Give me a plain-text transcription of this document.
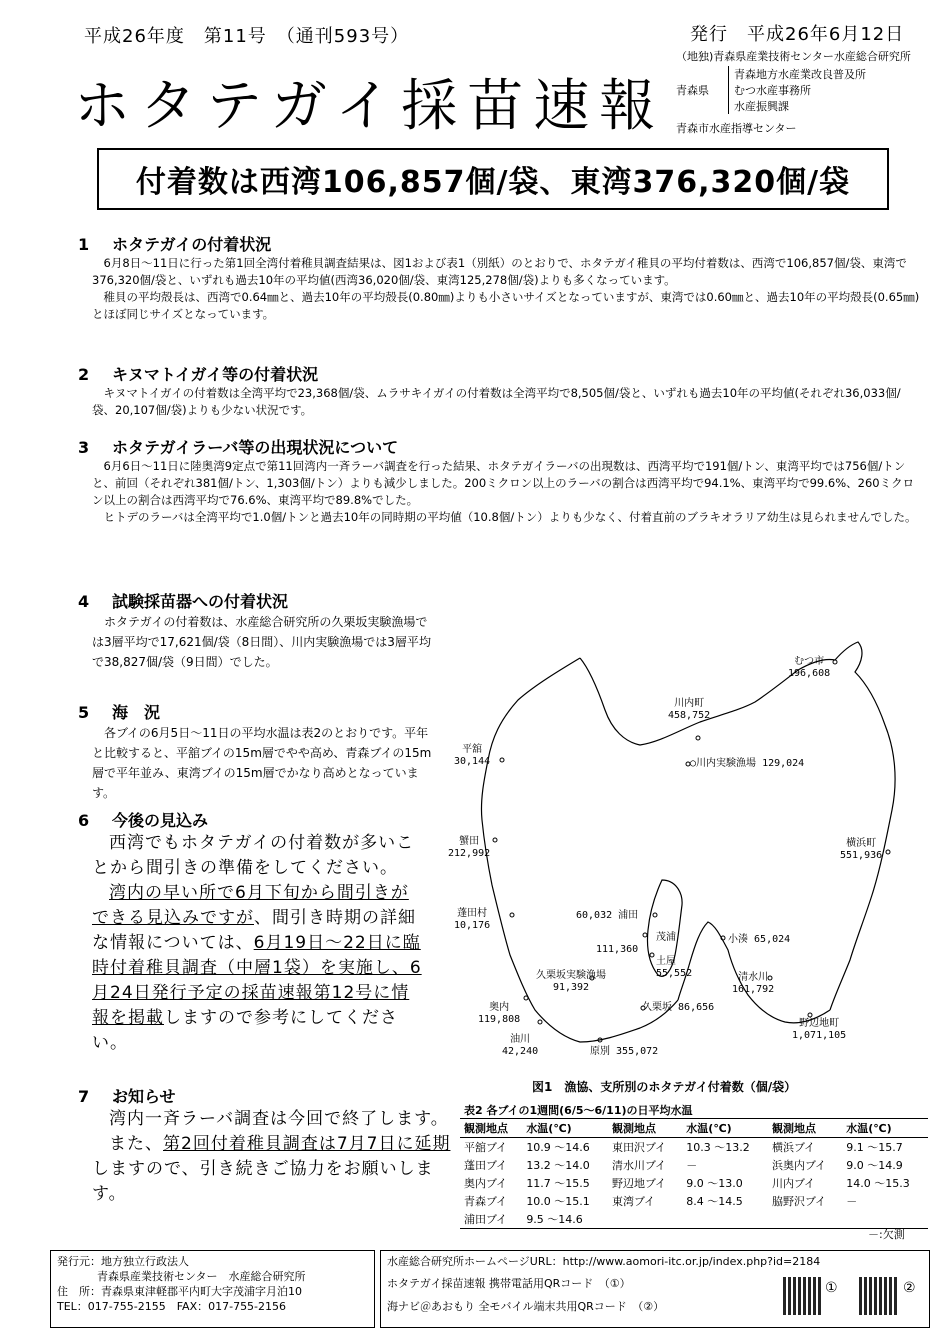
平成26年度　第11号　（通刊593号）	発行　平成26年6月12日
ホタテガイ採苗速報
（地独)青森県産業技術センター水産総合研究所
青森県
青森地方水産業改良普及所
むつ水産事務所
水産振興課
青森市水産指導センター
付着数は西湾106,857個/袋、東湾376,320個/袋
1 ホタテガイの付着状況

6月8日～11日に行った第1回全湾付着稚貝調査結果は、図1および表1（別紙）のとおりで、ホタテガイ稚貝の平均付着数は、西湾で106,857個/袋、東湾で376,320個/袋と、いずれも過去10年の平均値(西湾36,020個/袋、東湾125,278個/袋)よりも多くなっています。

稚貝の平均殻長は、西湾で0.64㎜と、過去10年の平均殻長(0.80㎜)よりも小さいサイズとなっていますが、東湾では0.60㎜と、過去10年の平均殻長(0.65㎜)とほぼ同じサイズとなっています。

2 キヌマトイガイ等の付着状況

キヌマトイガイの付着数は全湾平均で23,368個/袋、ムラサキイガイの付着数は全湾平均で8,505個/袋と、いずれも過去10年の平均値(それぞれ36,033個/袋、20,107個/袋)よりも少ない状況です。

3 ホタテガイラーバ等の出現状況について

6月6日～11日に陸奥湾9定点で第11回湾内一斉ラーバ調査を行った結果、ホタテガイラーバの出現数は、西湾平均で191個/トン、東湾平均では756個/トンと、前回（それぞれ381個/トン、1,303個/トン）よりも減少しました。200ミクロン以上のラーバの割合は西湾平均で94.1%、東湾平均で99.6%、260ミクロン以上の割合は西湾平均で76.6%、東湾平均で89.8%でした。

ヒトデのラーバは全湾平均で1.0個/トンと過去10年の同時期の平均値（10.8個/トン）よりも少なく、付着直前のブラキオラリア幼生は見られませんでした。

4 試験採苗器への付着状況

ホタテガイの付着数は、水産総合研究所の久栗坂実験漁場では3層平均で17,621個/袋（8日間）、川内実験漁場では3層平均で38,827個/袋（9日間）でした。

5 海　況

各ブイの6月5日～11日の平均水温は表2のとおりです。平年と比較すると、平舘ブイの15m層でやや高め、青森ブイの15m層で平年並み、東湾ブイの15m層でかなり高めとなっています。

6 今後の見込み

西湾でもホタテガイの付着数が多いことから間引きの準備をしてください。

湾内の早い所で6月下旬から間引きができる見込みですが、間引き時期の詳細な情報については、6月19日～22日に臨時付着稚貝調査（中層1袋）を実施し、6月24日発行予定の採苗速報第12号に情報を掲載しますので参考にしてください。

7 お知らせ

湾内一斉ラーバ調査は今回で終了します。

また、第2回付着稚貝調査は7月7日に延期しますので、引き続きご協力をお願いします。

むつ市
196,608
川内町
458,752
○川内実験漁場 129,024
平舘
30,144
蟹田
212,992
横浜町
551,936
蓬田村
10,176
60,032 浦田
茂浦
111,360
土屋
55,552
小湊 65,024
久栗坂実験漁場
91,392
清水川
161,792
久栗坂 86,656
奥内
119,808
油川
42,240	原別 355,072
野辺地町
1,071,105
図1　漁協、支所別のホタテガイ付着数（個/袋）
表2 各ブイの1週間(6/5～6/11)の日平均水温
観測地点	水温(℃)	観測地点	水温(℃)	観測地点	水温(℃)
平舘ブイ	10.9 ～14.6	東田沢ブイ	10.3 ～13.2	横浜ブイ	9.1 ～15.7
蓬田ブイ	13.2 ～14.0	清水川ブイ	－	浜奥内ブイ	9.0 ～14.9
奥内ブイ	11.7 ～15.5	野辺地ブイ	9.0 ～13.0	川内ブイ	14.0 ～15.3
青森ブイ	10.0 ～15.1	東湾ブイ	8.4 ～14.5	脇野沢ブイ	－
浦田ブイ	9.5 ～14.6				
－:欠測
発行元：地方独立行政法人
青森県産業技術センター　水産総合研究所
住　所：青森県東津軽郡平内町大字茂浦字月泊10
TEL：017-755-2155　FAX：017-755-2156
水産総合研究所ホームページURL：http://www.aomori-itc.or.jp/index.php?id=2184
ホタテガイ採苗速報 携帯電話用QRコード　（①）
海ナビ＠あおもり 全モバイル端末共用QRコード　（②）
①	②
